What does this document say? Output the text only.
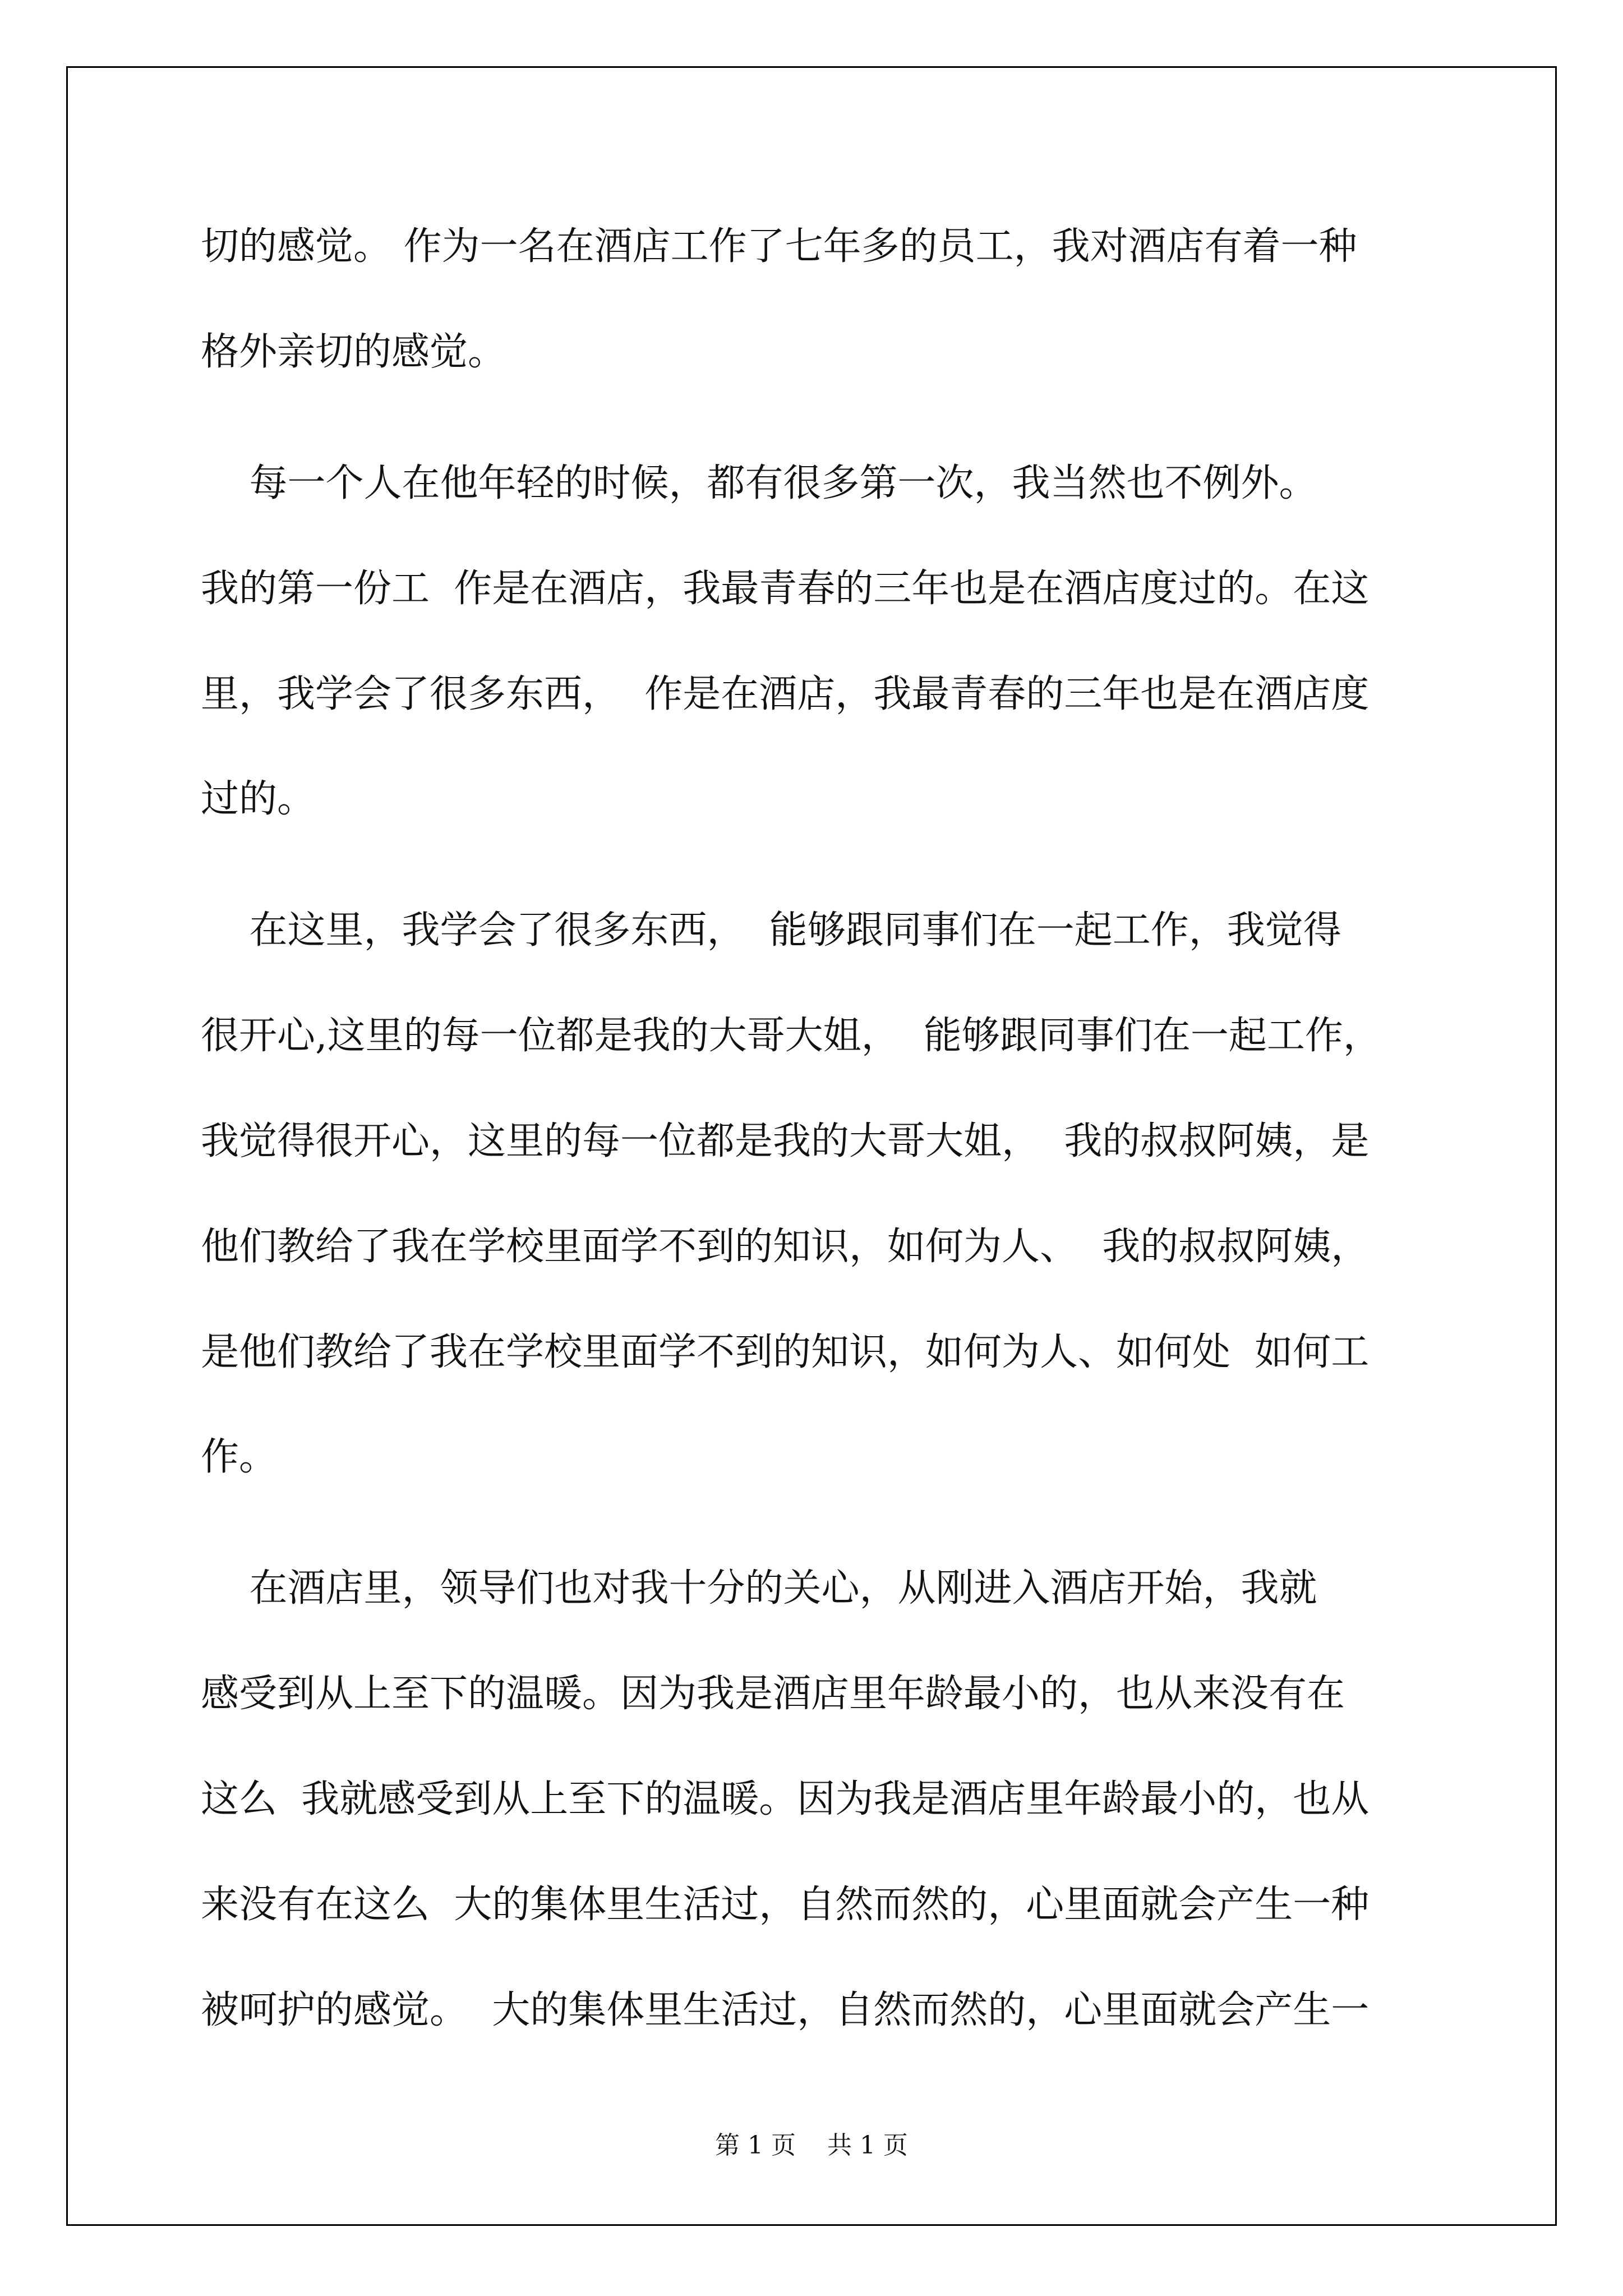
切的感觉。 作为一名在酒店工作了七年多的员工，我对酒店有着一种

格外亲切的感觉。

每一个人在他年轻的时候，都有很多第一次，我当然也不例外。

我的第一份工  作是在酒店，我最青春的三年也是在酒店度过的。在这

里，我学会了很多东西，  作是在酒店，我最青春的三年也是在酒店度

过的。

在这里，我学会了很多东西，  能够跟同事们在一起工作，我觉得

很开心,这里的每一位都是我的大哥大姐，  能够跟同事们在一起工作，

我觉得很开心，这里的每一位都是我的大哥大姐，  我的叔叔阿姨，是

他们教给了我在学校里面学不到的知识，如何为人、  我的叔叔阿姨，

是他们教给了我在学校里面学不到的知识，如何为人、如何处  如何工

作。

在酒店里，领导们也对我十分的关心，从刚进入酒店开始，我就

感受到从上至下的温暖。因为我是酒店里年龄最小的，也从来没有在

这么  我就感受到从上至下的温暖。因为我是酒店里年龄最小的，也从

来没有在这么  大的集体里生活过，自然而然的，心里面就会产生一种

被呵护的感觉。  大的集体里生活过，自然而然的，心里面就会产生一

第 1 页    共 1 页
